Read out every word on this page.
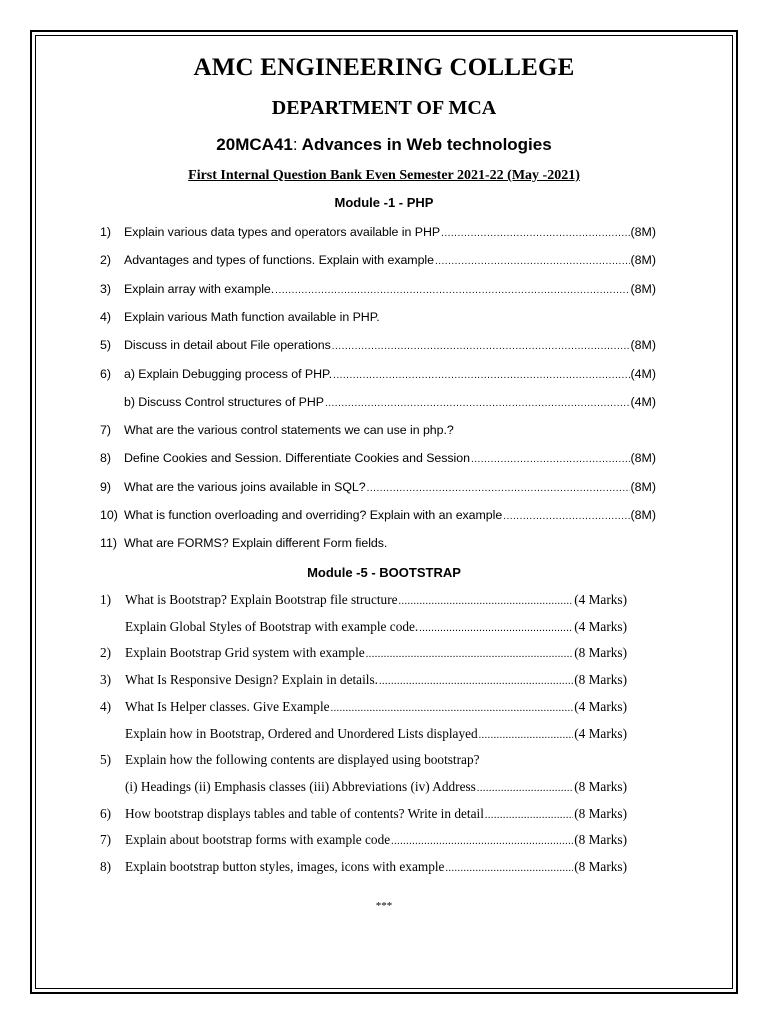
AMC ENGINEERING COLLEGE
DEPARTMENT OF MCA
20MCA41: Advances in Web technologies
First Internal Question Bank Even Semester 2021-22 (May -2021)
Module -1 - PHP
1)	Explain various data types and operators available in PHP .....	(8M)
2)	Advantages and types of functions. Explain with example .....	(8M)
3)	Explain array with example. .....	(8M)
4)	Explain various Math function available in PHP.
5)	Discuss in detail about File operations .....	(8M)
6)	a) Explain Debugging process of PHP. .....	(4M)
b) Discuss Control structures of PHP .....	(4M)
7)	What are the various control statements we can use in php.?
8)	Define Cookies and Session. Differentiate Cookies and Session .....	(8M)
9)	What are the various joins available in SQL? .....	(8M)
10) What is function overloading and overriding? Explain with an example .....	(8M)
11) What are FORMS? Explain different Form fields.
Module -5 - BOOTSTRAP
1)	What is Bootstrap? Explain Bootstrap file structure .....	(4 Marks)
Explain Global Styles of Bootstrap with example code. .....	(4 Marks)
2)	Explain Bootstrap Grid system with example .....	(8 Marks)
3)	What Is Responsive Design? Explain in details. .....	(8 Marks)
4)	What Is Helper classes. Give Example .....	(4 Marks)
Explain how in Bootstrap, Ordered and Unordered Lists displayed .....	(4 Marks)
5)	Explain how the following contents are displayed using bootstrap?
(i) Headings (ii) Emphasis classes (iii) Abbreviations (iv) Address .....	(8 Marks)
6)	How bootstrap displays tables and table of contents? Write in detail .....	(8 Marks)
7)	Explain about bootstrap forms with example code .....	(8 Marks)
8)	Explain bootstrap button styles, images, icons with example .....	(8 Marks)
***
